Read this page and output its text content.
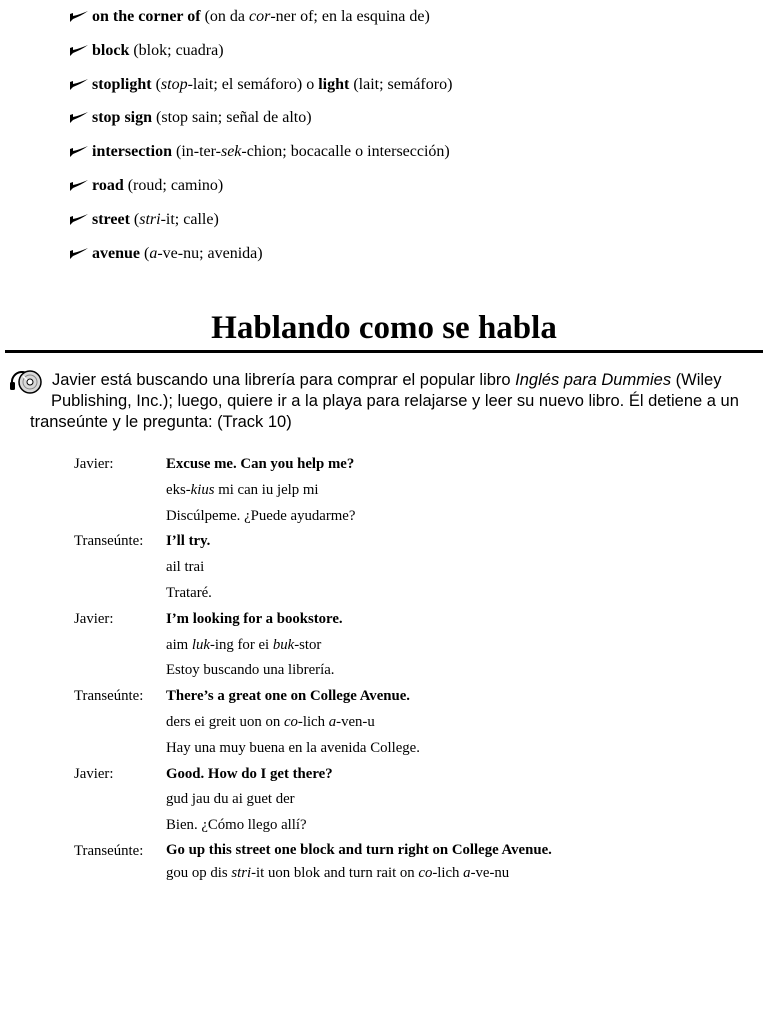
on the corner of (on da cor-ner of; en la esquina de)
block (blok; cuadra)
stoplight (stop-lait; el semáforo) o light (lait; semáforo)
stop sign (stop sain; señal de alto)
intersection (in-ter-sek-chion; bocacalle o intersección)
road (roud; camino)
street (stri-it; calle)
avenue (a-ve-nu; avenida)
Hablando como se habla
Javier está buscando una librería para comprar el popular libro Inglés para Dummies (Wiley
Publishing, Inc.); luego, quiere ir a la playa para relajarse y leer su nuevo libro. Él detiene a un
transeúnte y le pregunta: (Track 10)
Javier:	Excuse me. Can you help me?
eks-kius mi can iu jelp mi
Discúlpeme. ¿Puede ayudarme?
Transeúnte:	I’ll try.
ail trai
Trataré.
Javier:	I’m looking for a bookstore.
aim luk-ing for ei buk-stor
Estoy buscando una librería.
Transeúnte:	There’s a great one on College Avenue.
ders ei greit uon on co-lich a-ven-u
Hay una muy buena en la avenida College.
Javier:	Good. How do I get there?
gud jau du ai guet der
Bien. ¿Cómo llego allí?
Transeúnte:	Go up this street one block and turn right on College Avenue.
gou op dis stri-it uon blok and turn rait on co-lich a-ve-nu
